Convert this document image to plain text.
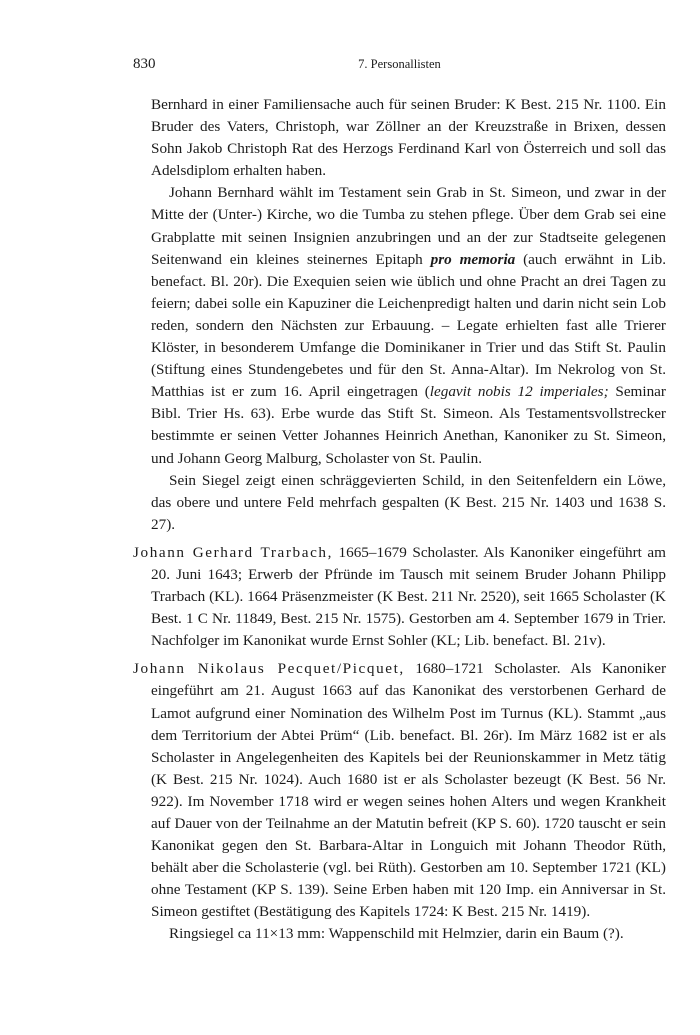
830	7. Personallisten

Bernhard in einer Familiensache auch für seinen Bruder: K Best. 215 Nr. 1100. Ein Bruder des Vaters, Christoph, war Zöllner an der Kreuzstraße in Brixen, dessen Sohn Jakob Christoph Rat des Herzogs Ferdinand Karl von Österreich und soll das Adelsdiplom erhalten haben.

Johann Bernhard wählt im Testament sein Grab in St. Simeon, und zwar in der Mitte der (Unter-) Kirche, wo die Tumba zu stehen pflege. Über dem Grab sei eine Grabplatte mit seinen Insignien anzubringen und an der zur Stadtseite gelegenen Seitenwand ein kleines steinernes Epitaph pro memoria (auch erwähnt in Lib. benefact. Bl. 20r). Die Exequien seien wie üblich und ohne Pracht an drei Tagen zu feiern; dabei solle ein Kapuziner die Leichenpredigt halten und darin nicht sein Lob reden, sondern den Nächsten zur Erbauung. – Legate erhielten fast alle Trierer Klöster, in besonderem Umfange die Dominikaner in Trier und das Stift St. Paulin (Stiftung eines Stundengebetes und für den St. Anna-Altar). Im Nekrolog von St. Matthias ist er zum 16. April eingetragen (legavit nobis 12 imperiales; Seminar Bibl. Trier Hs. 63). Erbe wurde das Stift St. Simeon. Als Testamentsvollstrecker bestimmte er seinen Vetter Johannes Heinrich Anethan, Kanoniker zu St. Simeon, und Johann Georg Malburg, Scholaster von St. Paulin.

Sein Siegel zeigt einen schräggevierten Schild, in den Seitenfeldern ein Löwe, das obere und untere Feld mehrfach gespalten (K Best. 215 Nr. 1403 und 1638 S. 27).

Johann Gerhard Trarbach, 1665–1679 Scholaster. Als Kanoniker eingeführt am 20. Juni 1643; Erwerb der Pfründe im Tausch mit seinem Bruder Johann Philipp Trarbach (KL). 1664 Präsenzmeister (K Best. 211 Nr. 2520), seit 1665 Scholaster (K Best. 1 C Nr. 11849, Best. 215 Nr. 1575). Gestorben am 4. September 1679 in Trier. Nachfolger im Kanonikat wurde Ernst Sohler (KL; Lib. benefact. Bl. 21v).

Johann Nikolaus Pecquet/Picquet, 1680–1721 Scholaster. Als Kanoniker eingeführt am 21. August 1663 auf das Kanonikat des verstorbenen Gerhard de Lamot aufgrund einer Nomination des Wilhelm Post im Turnus (KL). Stammt „aus dem Territorium der Abtei Prüm“ (Lib. benefact. Bl. 26r). Im März 1682 ist er als Scholaster in Angelegenheiten des Kapitels bei der Reunionskammer in Metz tätig (K Best. 215 Nr. 1024). Auch 1680 ist er als Scholaster bezeugt (K Best. 56 Nr. 922). Im November 1718 wird er wegen seines hohen Alters und wegen Krankheit auf Dauer von der Teilnahme an der Matutin befreit (KP S. 60). 1720 tauscht er sein Kanonikat gegen den St. Barbara-Altar in Longuich mit Johann Theodor Rüth, behält aber die Scholasterie (vgl. bei Rüth). Gestorben am 10. September 1721 (KL) ohne Testament (KP S. 139). Seine Erben haben mit 120 Imp. ein Anniversar in St. Simeon gestiftet (Bestätigung des Kapitels 1724: K Best. 215 Nr. 1419).

Ringsiegel ca 11×13 mm: Wappenschild mit Helmzier, darin ein Baum (?).
